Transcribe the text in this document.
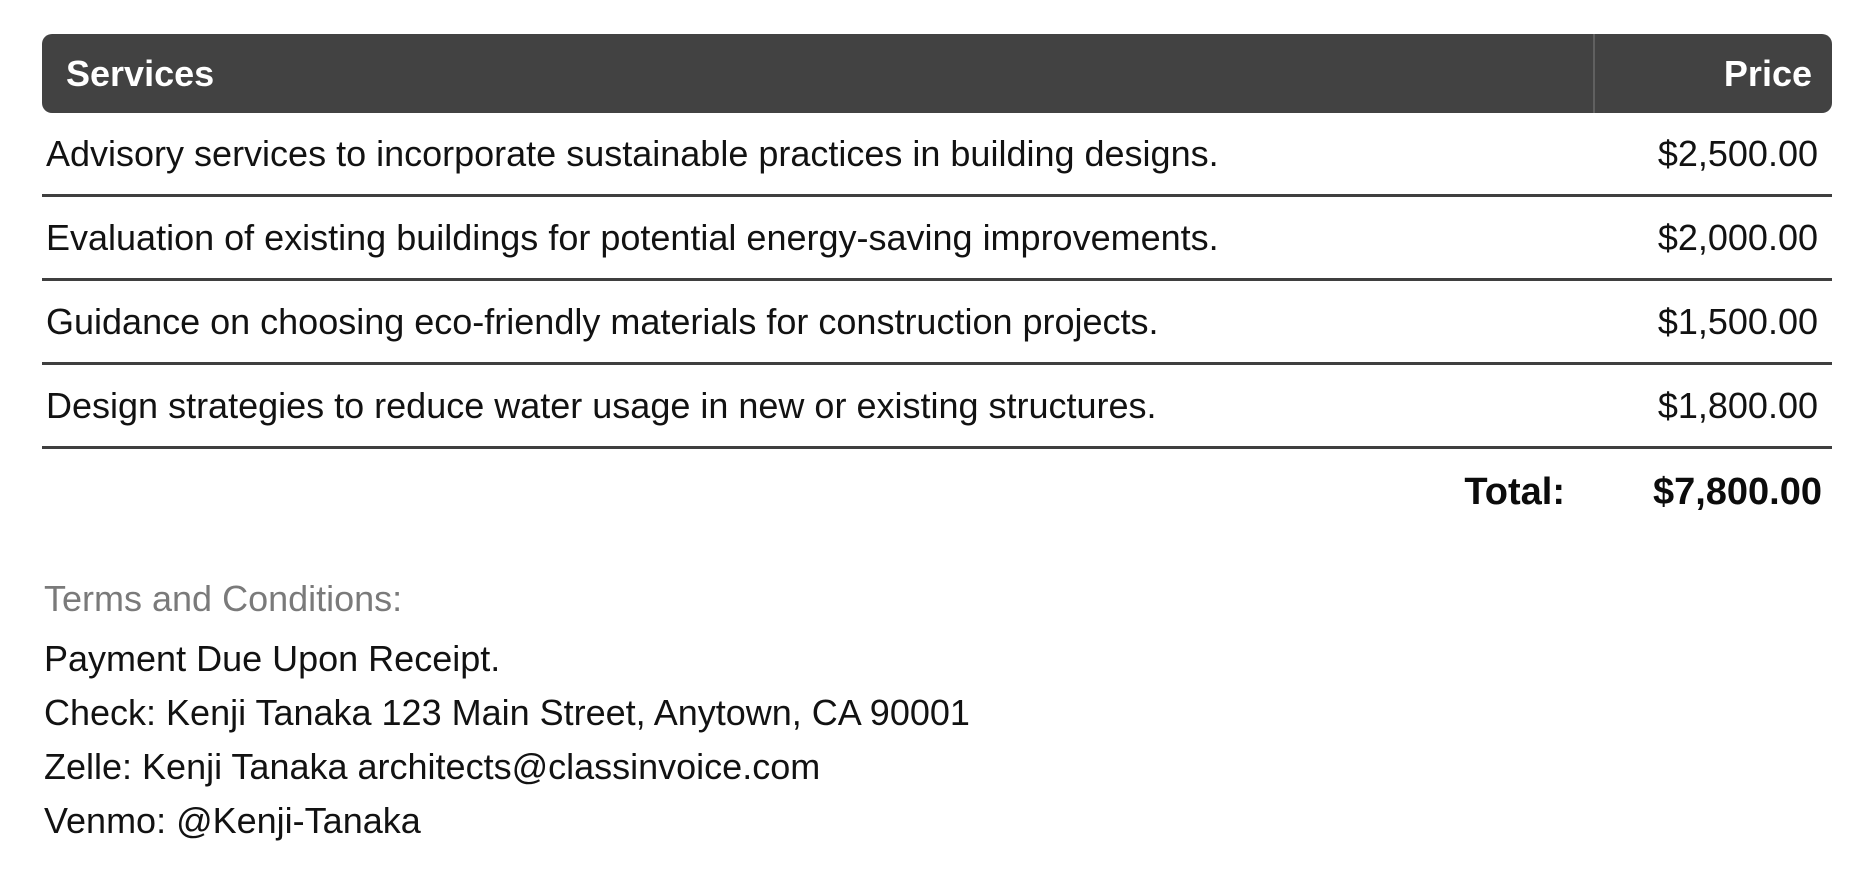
Services	Price
Advisory services to incorporate sustainable practices in building designs.	$2,500.00
Evaluation of existing buildings for potential energy-saving improvements.	$2,000.00
Guidance on choosing eco-friendly materials for construction projects.	$1,500.00
Design strategies to reduce water usage in new or existing structures.	$1,800.00
Total:	$7,800.00
Terms and Conditions:
Payment Due Upon Receipt.
Check: Kenji Tanaka 123 Main Street, Anytown, CA 90001
Zelle: Kenji Tanaka architects@classinvoice.com
Venmo: @Kenji-Tanaka
